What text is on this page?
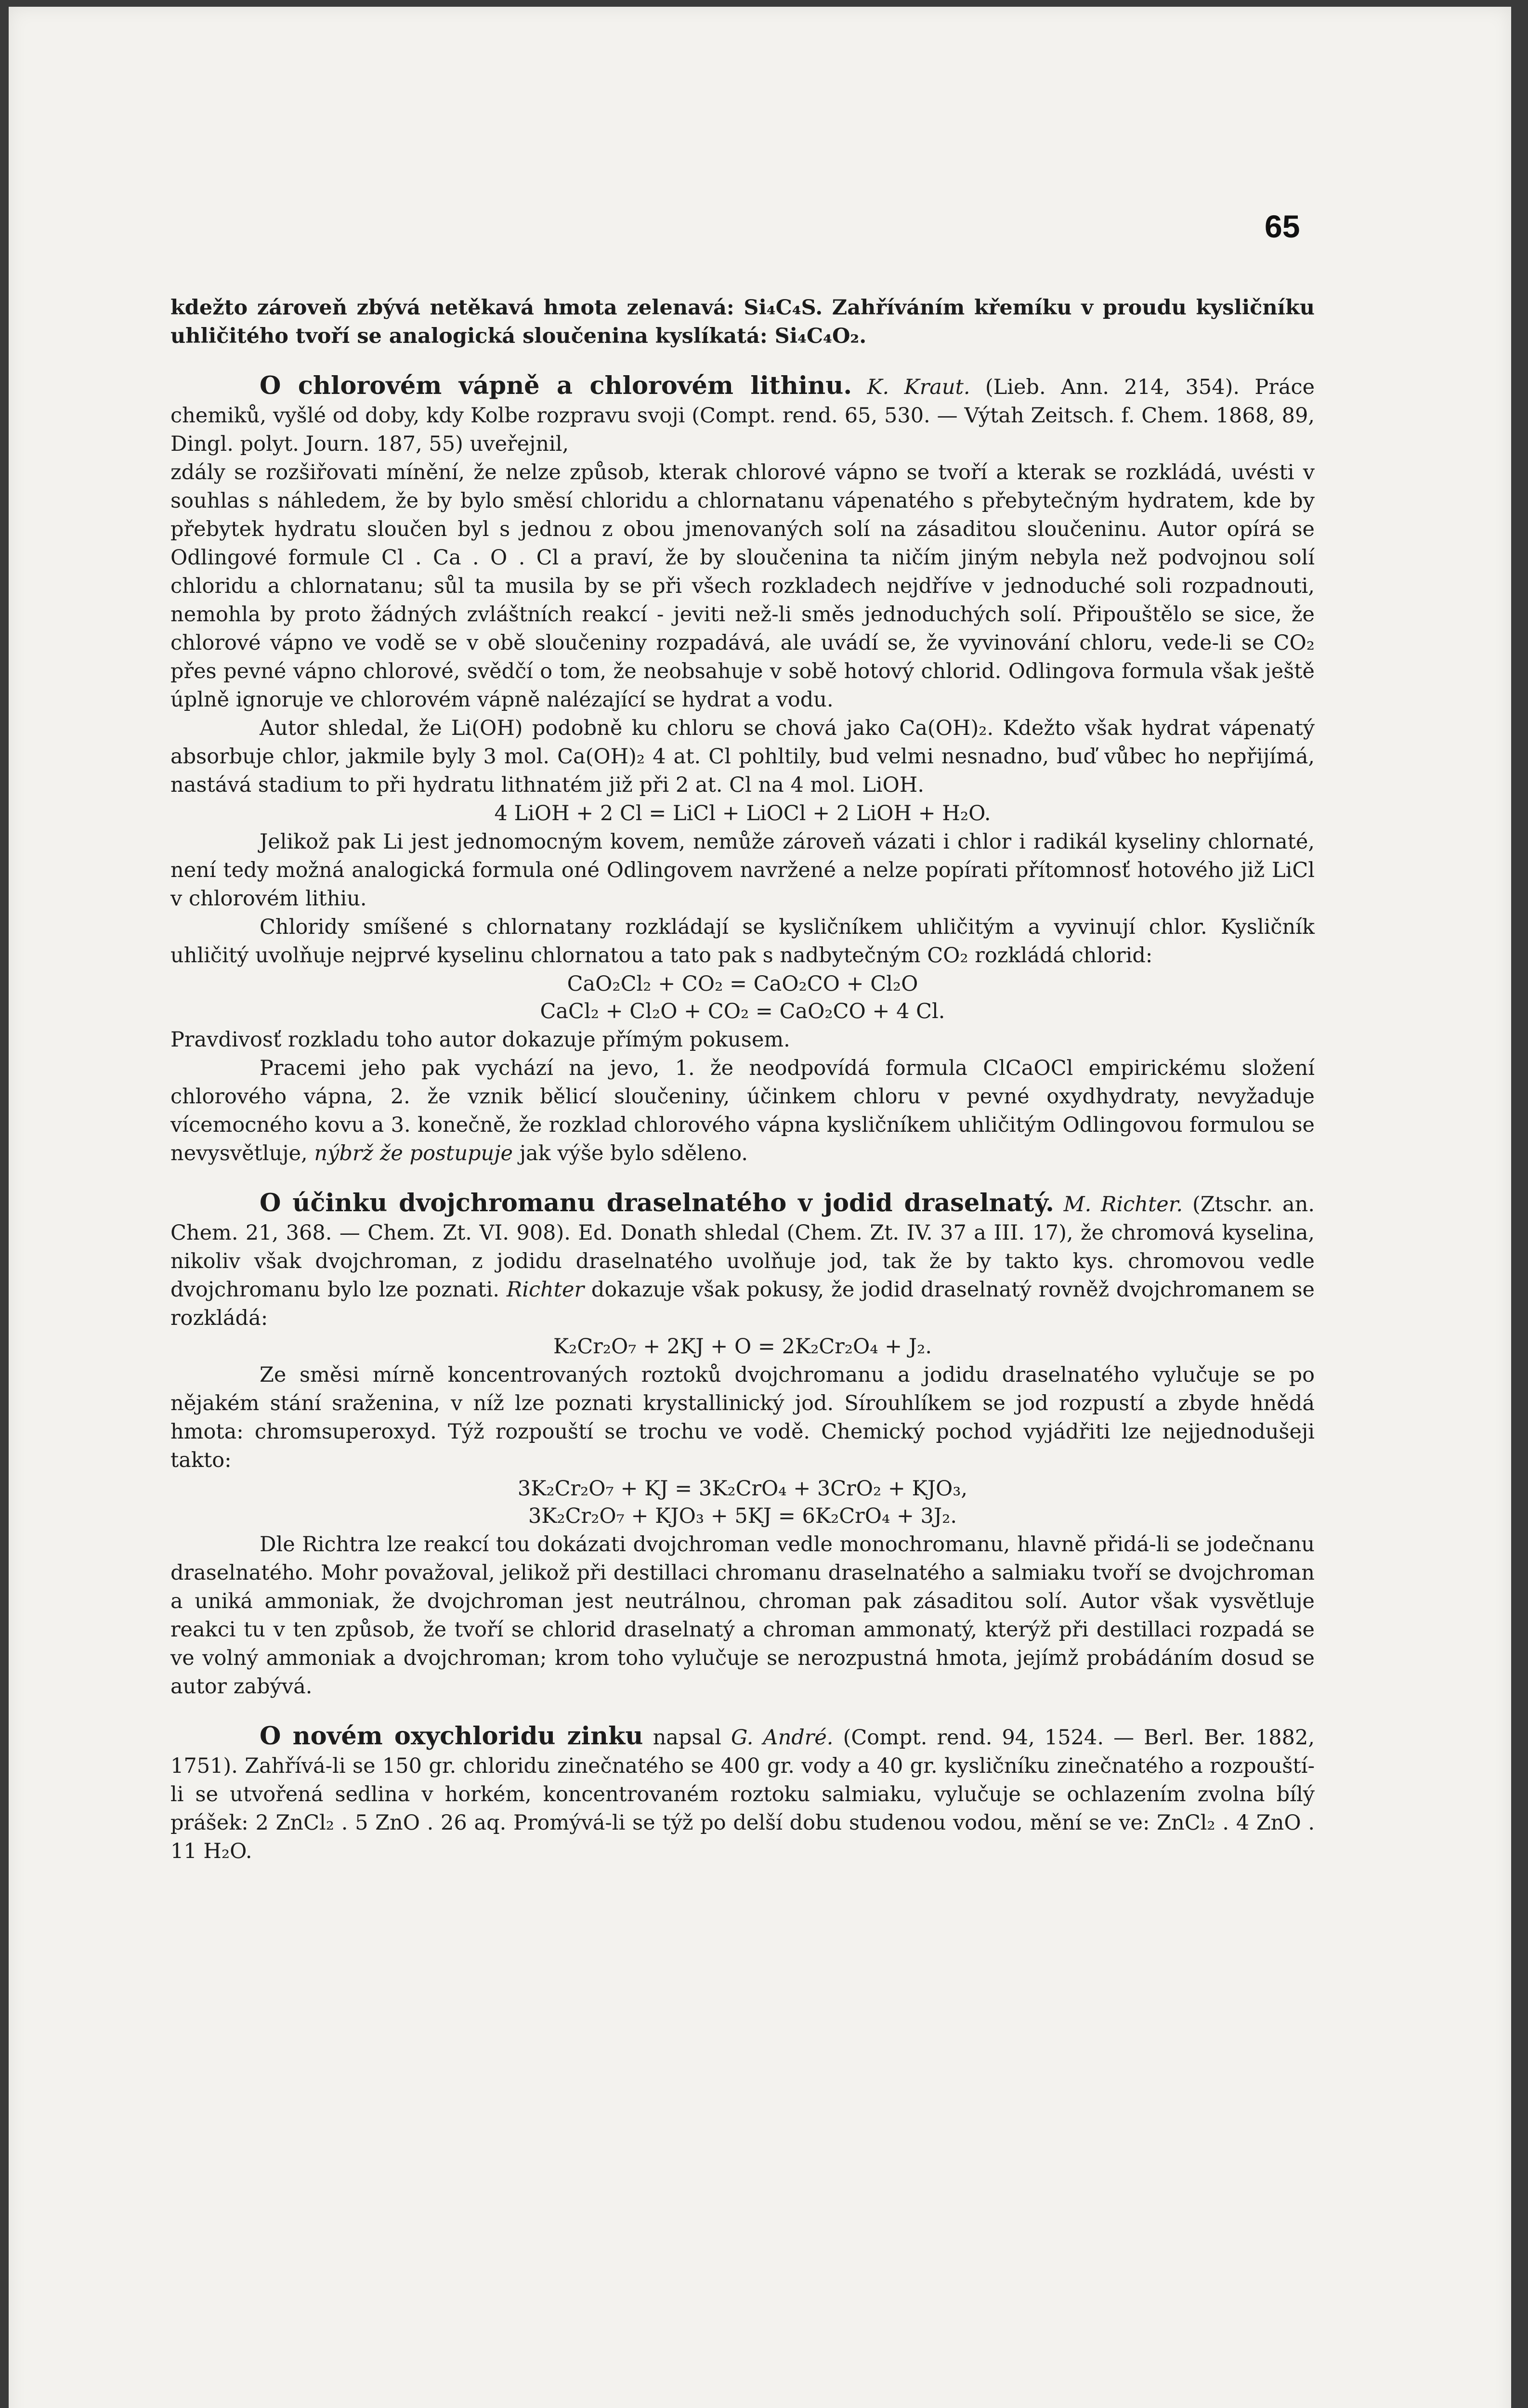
65

kdežto zároveň zbývá netěkavá hmota zelenavá: Si₄C₄S. Zahříváním křemíku v proudu kysličníku uhličitého tvoří se analogická sloučenina kyslíkatá: Si₄C₄O₂.

O chlorovém vápně a chlorovém lithinu. K. Kraut. (Lieb. Ann. 214, 354). Práce chemiků, vyšlé od doby, kdy Kolbe rozpravu svoji (Compt. rend. 65, 530. — Výtah Zeitsch. f. Chem. 1868, 89, Dingl. polyt. Journ. 187, 55) uveřejnil,

zdály se rozšiřovati mínění, že nelze způsob, kterak chlorové vápno se tvoří a kterak se rozkládá, uvésti v souhlas s náhledem, že by bylo směsí chloridu a chlornatanu vápenatého s přebytečným hydratem, kde by přebytek hydratu sloučen byl s jednou z obou jmenovaných solí na zásaditou sloučeninu. Autor opírá se Odlingové formule Cl . Ca . O . Cl a praví, že by sloučenina ta ničím jiným nebyla než podvojnou solí chloridu a chlornatanu; sůl ta musila by se při všech rozkladech nejdříve v jednoduché soli rozpadnouti, nemohla by proto žádných zvláštních reakcí - jeviti než-li směs jednoduchých solí. Připouštělo se sice, že chlorové vápno ve vodě se v obě sloučeniny rozpadává, ale uvádí se, že vyvinování chloru, vede-li se CO₂ přes pevné vápno chlorové, svědčí o tom, že neobsahuje v sobě hotový chlorid. Odlingova formula však ještě úplně ignoruje ve chlorovém vápně nalézající se hydrat a vodu.

Autor shledal, že Li(OH) podobně ku chloru se chová jako Ca(OH)₂. Kdežto však hydrat vápenatý absorbuje chlor, jakmile byly 3 mol. Ca(OH)₂ 4 at. Cl pohltily, bud velmi nesnadno, buď vůbec ho nepřijímá, nastává stadium to při hydratu lithnatém již při 2 at. Cl na 4 mol. LiOH.

4 LiOH + 2 Cl = LiCl + LiOCl + 2 LiOH + H₂O.

Jelikož pak Li jest jednomocným kovem, nemůže zároveň vázati i chlor i radikál kyseliny chlornaté, není tedy možná analogická formula oné Odlingovem navržené a nelze popírati přítomnosť hotového již LiCl v chlorovém lithiu.

Chloridy smíšené s chlornatany rozkládají se kysličníkem uhličitým a vyvinují chlor. Kysličník uhličitý uvolňuje nejprvé kyselinu chlornatou a tato pak s nadbytečným CO₂ rozkládá chlorid:

CaO₂Cl₂ + CO₂ = CaO₂CO + Cl₂O

CaCl₂ + Cl₂O + CO₂ = CaO₂CO + 4 Cl.

Pravdivosť rozkladu toho autor dokazuje přímým pokusem.

Pracemi jeho pak vychází na jevo, 1. že neodpovídá formula ClCaOCl empirickému složení chlorového vápna, 2. že vznik bělicí sloučeniny, účinkem chloru v pevné oxydhydraty, nevyžaduje vícemocného kovu a 3. konečně, že rozklad chlorového vápna kysličníkem uhličitým Odlingovou formulou se nevysvětluje, nýbrž že postupuje jak výše bylo sděleno.

O účinku dvojchromanu draselnatého v jodid draselnatý. M. Richter. (Ztschr. an. Chem. 21, 368. — Chem. Zt. VI. 908). Ed. Donath shledal (Chem. Zt. IV. 37 a III. 17), že chromová kyselina, nikoliv však dvojchroman, z jodidu draselnatého uvolňuje jod, tak že by takto kys. chromovou vedle dvojchromanu bylo lze poznati. Richter dokazuje však pokusy, že jodid draselnatý rovněž dvojchromanem se rozkládá:

K₂Cr₂O₇ + 2KJ + O = 2K₂Cr₂O₄ + J₂.

Ze směsi mírně koncentrovaných roztoků dvojchromanu a jodidu draselnatého vylučuje se po nějakém stání sraženina, v níž lze poznati krystallinický jod. Sírouhlíkem se jod rozpustí a zbyde hnědá hmota: chromsuperoxyd. Týž rozpouští se trochu ve vodě. Chemický pochod vyjádřiti lze nejjednodušeji takto:

3K₂Cr₂O₇ + KJ = 3K₂CrO₄ + 3CrO₂ + KJO₃,

3K₂Cr₂O₇ + KJO₃ + 5KJ = 6K₂CrO₄ + 3J₂.

Dle Richtra lze reakcí tou dokázati dvojchroman vedle monochromanu, hlavně přidá-li se jodečnanu draselnatého. Mohr považoval, jelikož při destillaci chromanu draselnatého a salmiaku tvoří se dvojchroman a uniká ammoniak, že dvojchroman jest neutrálnou, chroman pak zásaditou solí. Autor však vysvětluje reakci tu v ten způsob, že tvoří se chlorid draselnatý a chroman ammonatý, kterýž při destillaci rozpadá se ve volný ammoniak a dvojchroman; krom toho vylučuje se nerozpustná hmota, jejímž probádáním dosud se autor zabývá.

O novém oxychloridu zinku napsal G. André. (Compt. rend. 94, 1524. — Berl. Ber. 1882, 1751). Zahřívá-li se 150 gr. chloridu zinečnatého se 400 gr. vody a 40 gr. kysličníku zinečnatého a rozpouští-li se utvořená sedlina v horkém, koncentrovaném roztoku salmiaku, vylučuje se ochlazením zvolna bílý prášek: 2 ZnCl₂ . 5 ZnO . 26 aq. Promývá-li se týž po delší dobu studenou vodou, mění se ve: ZnCl₂ . 4 ZnO . 11 H₂O.
